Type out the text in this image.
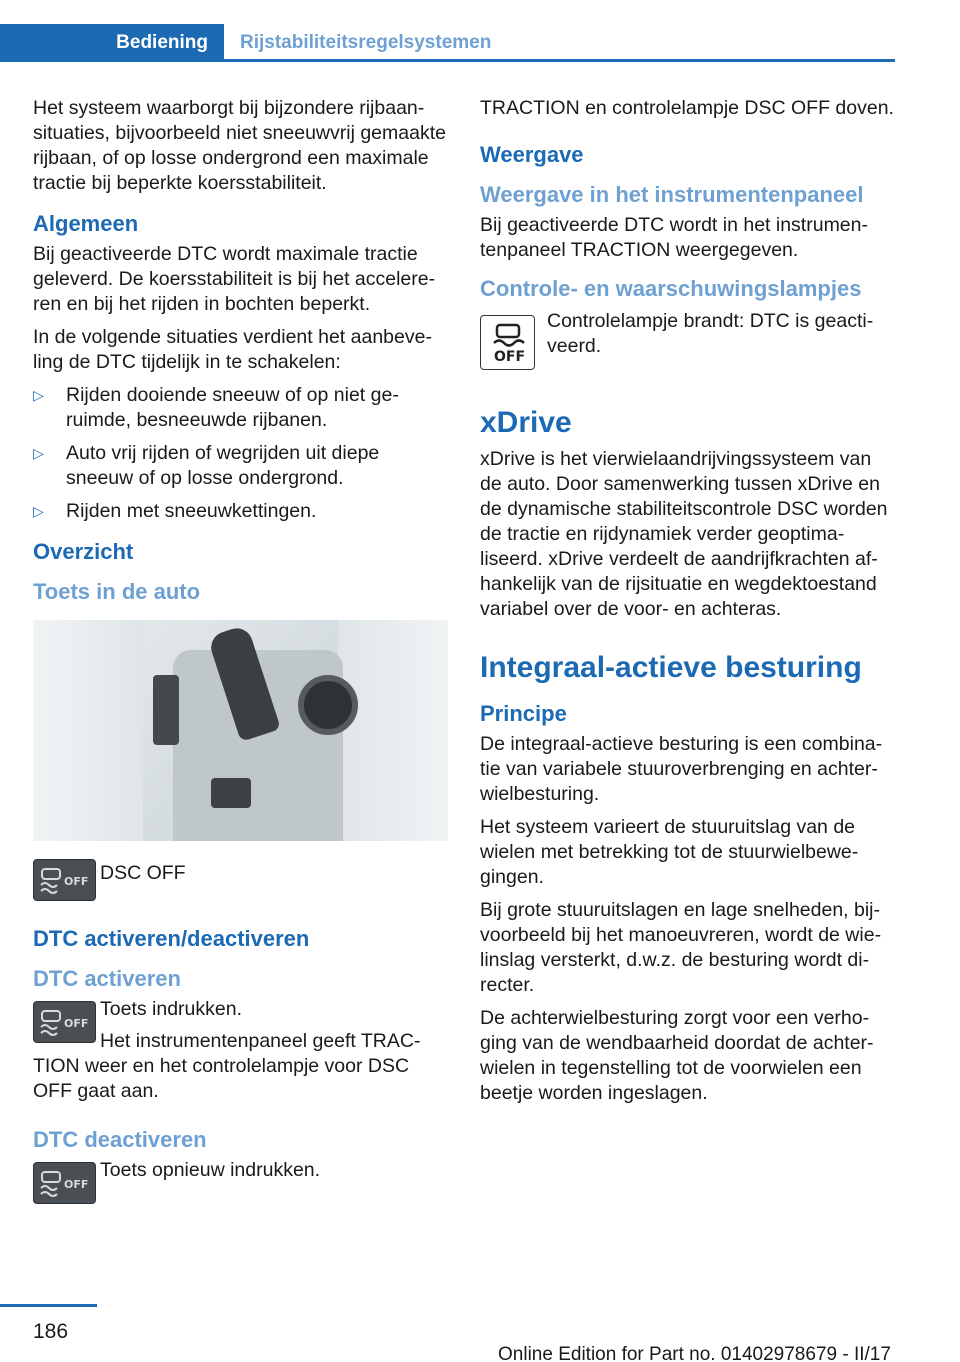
Bediening Rijstabiliteitsregelsystemen

Het systeem waarborgt bij bijzondere rijbaansituaties, bijvoorbeeld niet sneeuwvrij gemaakte rijbaan, of op losse ondergrond een maximale tractie bij beperkte koersstabiliteit.

Algemeen

Bij geactiveerde DTC wordt maximale tractie geleverd. De koersstabiliteit is bij het accelereren en bij het rijden in bochten beperkt.

In de volgende situaties verdient het aanbeveling de DTC tijdelijk in te schakelen:

▷ Rijden dooiende sneeuw of op niet geruimde, besneeuwde rijbanen.
▷ Auto vrij rijden of wegrijden uit diepe sneeuw of op losse ondergrond.
▷ Rijden met sneeuwkettingen.
Overzicht
Toets in de auto
OFF DSC OFF
DTC activeren/deactiveren
DTC activeren
OFF

Toets indrukken.

Het instrumentenpaneel geeft TRACTION weer en het controlelampje voor DSC OFF gaat aan.

DTC deactiveren
OFF

Toets opnieuw indrukken.

TRACTION en controlelampje DSC OFF doven.

Weergave
Weergave in het instrumentenpaneel

Bij geactiveerde DTC wordt in het instrumentenpaneel TRACTION weergegeven.

Controle- en waarschuwingslampjes
OFF

Controlelampje brandt: DTC is geactiveerd.

xDrive

xDrive is het vierwielaandrijvingssysteem van de auto. Door samenwerking tussen xDrive en de dynamische stabiliteitscontrole DSC worden de tractie en rijdynamiek verder geoptimaliseerd. xDrive verdeelt de aandrijfkrachten afhankelijk van de rijsituatie en wegdektoestand variabel over de voor- en achteras.

Integraal-actieve besturing
Principe

De integraal-actieve besturing is een combinatie van variabele stuuroverbrenging en achterwielbesturing.

Het systeem varieert de stuuruitslag van de wielen met betrekking tot de stuurwielbewegingen.

Bij grote stuuruitslagen en lage snelheden, bijvoorbeeld bij het manoeuvreren, wordt de wielinslag versterkt, d.w.z. de besturing wordt directer.

De achterwielbesturing zorgt voor een verhoging van de wendbaarheid doordat de achterwielen in tegenstelling tot de voorwielen een beetje worden ingeslagen.

186
Online Edition for Part no. 01402978679 - II/17
